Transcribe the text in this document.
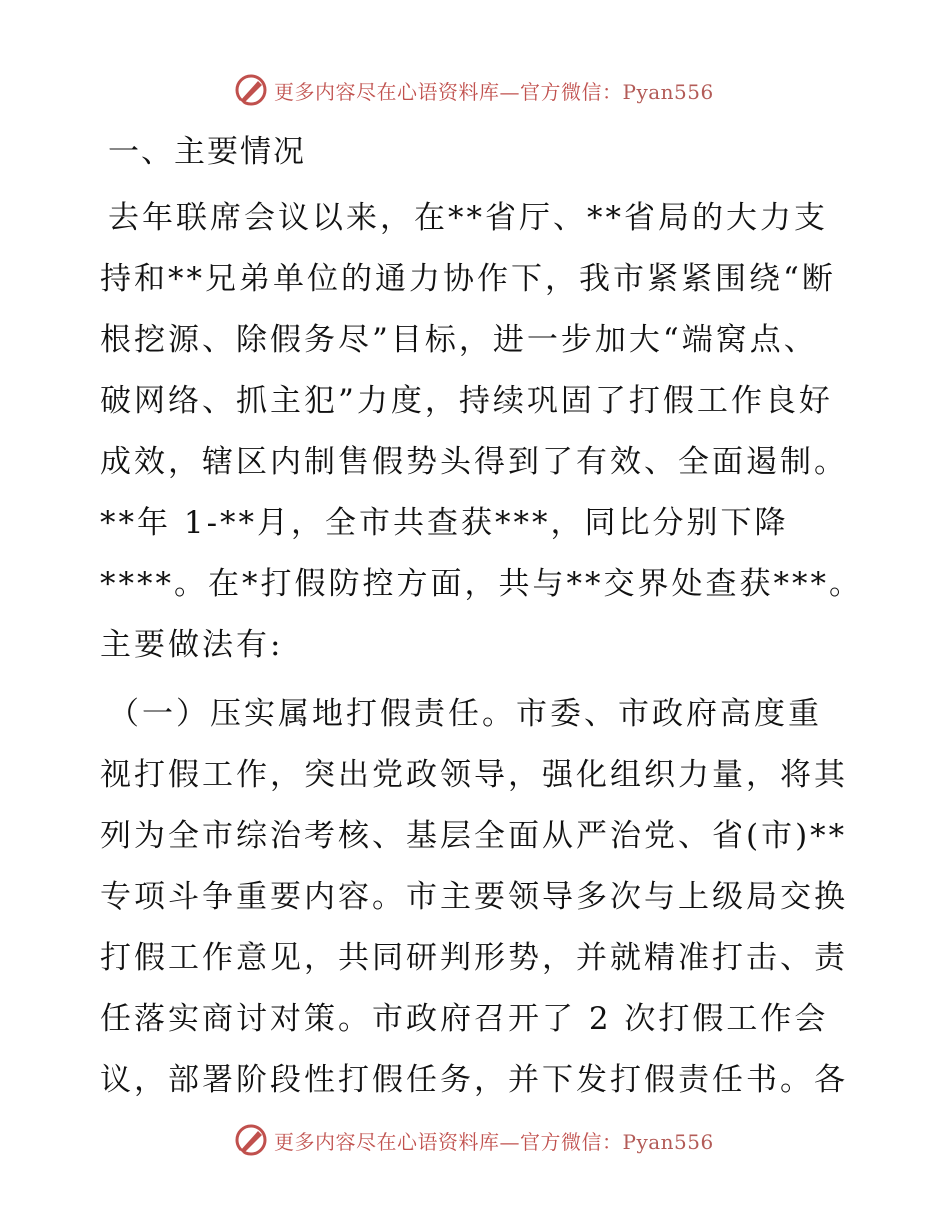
更多内容尽在心语资料库—官方微信：Pyan556
一、主要情况

去年联席会议以来，在**省厅、**省局的大力支
持和**兄弟单位的通力协作下，我市紧紧围绕“断
根挖源、除假务尽”目标，进一步加大“端窝点、
破网络、抓主犯”力度，持续巩固了打假工作良好
成效，辖区内制售假势头得到了有效、全面遏制。
**年 1-**月，全市共查获***，同比分别下降
****。在*打假防控方面，共与**交界处查获***。
主要做法有:

（一）压实属地打假责任。市委、市政府高度重
视打假工作，突出党政领导，强化组织力量，将其
列为全市综治考核、基层全面从严治党、省(市)**
专项斗争重要内容。市主要领导多次与上级局交换
打假工作意见，共同研判形势，并就精准打击、责
任落实商讨对策。市政府召开了 2 次打假工作会
议，部署阶段性打假任务，并下发打假责任书。各

更多内容尽在心语资料库—官方微信：Pyan556
